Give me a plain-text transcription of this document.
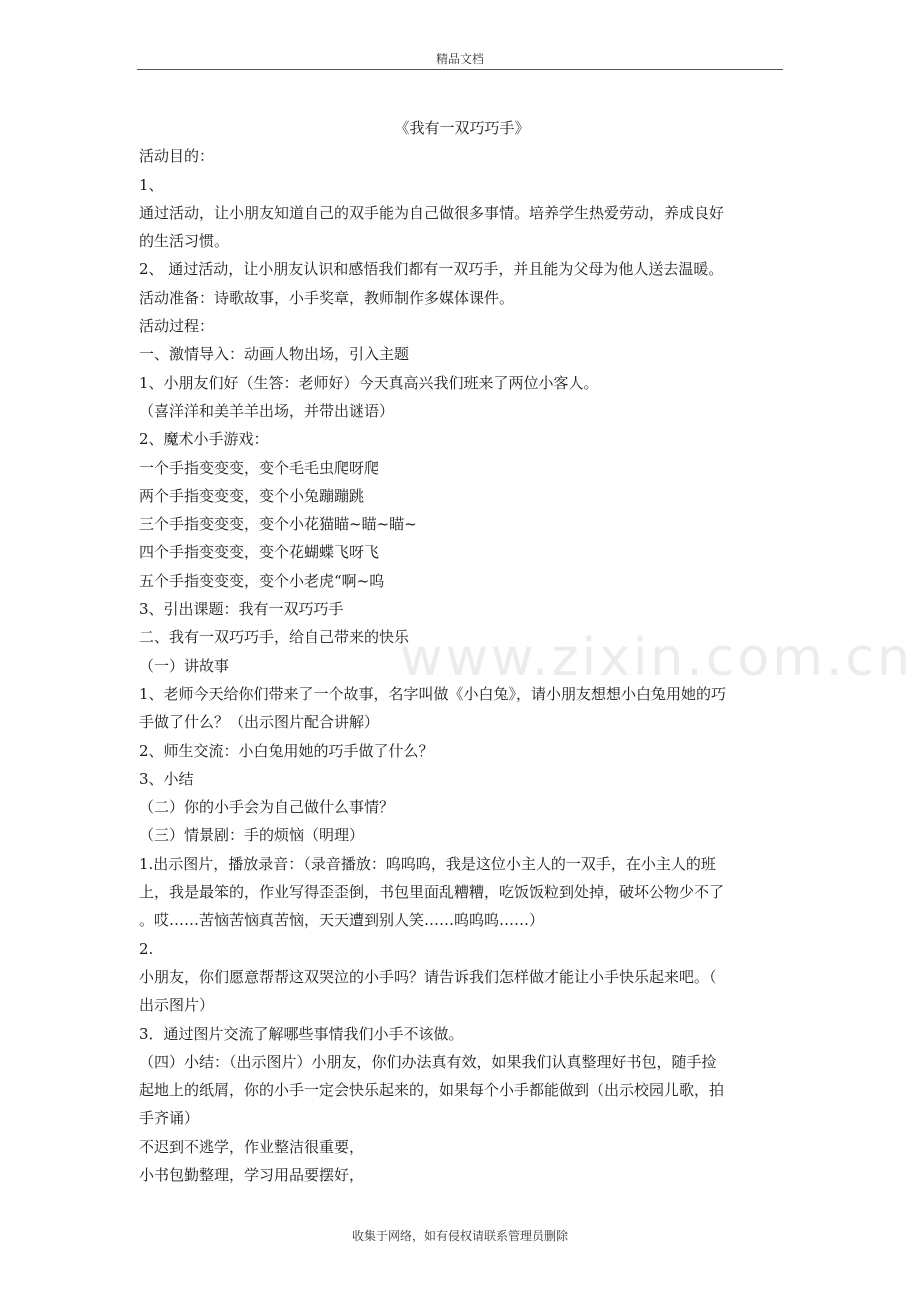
精品文档
www.zixin.com.cn
《我有一双巧巧手》
活动目的：
1、
通过活动，让小朋友知道自己的双手能为自己做很多事情。培养学生热爱劳动，养成良好
的生活习惯。
2、 通过活动，让小朋友认识和感悟我们都有一双巧手，并且能为父母为他人送去温暖。
活动准备：诗歌故事，小手奖章，教师制作多媒体课件。
活动过程：
一、激情导入：动画人物出场，引入主题
1、小朋友们好（生答：老师好）今天真高兴我们班来了两位小客人。
（喜洋洋和美羊羊出场，并带出谜语）
2、魔术小手游戏：
一个手指变变变，变个毛毛虫爬呀爬
两个手指变变变，变个小兔蹦蹦跳
三个手指变变变，变个小花猫瞄~瞄~瞄~
四个手指变变变，变个花蝴蝶飞呀飞
五个手指变变变，变个小老虎“啊~呜
3、引出课题：我有一双巧巧手
二、我有一双巧巧手，给自己带来的快乐
（一）讲故事
1、老师今天给你们带来了一个故事，名字叫做《小白兔》，请小朋友想想小白兔用她的巧
手做了什么？（出示图片配合讲解）
2、师生交流：小白兔用她的巧手做了什么？
3、小结
（二）你的小手会为自己做什么事情？
（三）情景剧：手的烦恼（明理）
1.出示图片，播放录音：（录音播放：呜呜呜，我是这位小主人的一双手，在小主人的班
上，我是最笨的，作业写得歪歪倒，书包里面乱糟糟，吃饭饭粒到处掉，破坏公物少不了
。哎……苦恼苦恼真苦恼，天天遭到别人笑……呜呜呜……）
2.
小朋友，你们愿意帮帮这双哭泣的小手吗？请告诉我们怎样做才能让小手快乐起来吧。（
出示图片）
3．通过图片交流了解哪些事情我们小手不该做。
（四）小结：（出示图片）小朋友，你们办法真有效，如果我们认真整理好书包，随手捡
起地上的纸屑，你的小手一定会快乐起来的，如果每个小手都能做到（出示校园儿歌，拍
手齐诵）
不迟到不逃学，作业整洁很重要，
小书包勤整理，学习用品要摆好，
收集于网络，如有侵权请联系管理员删除
